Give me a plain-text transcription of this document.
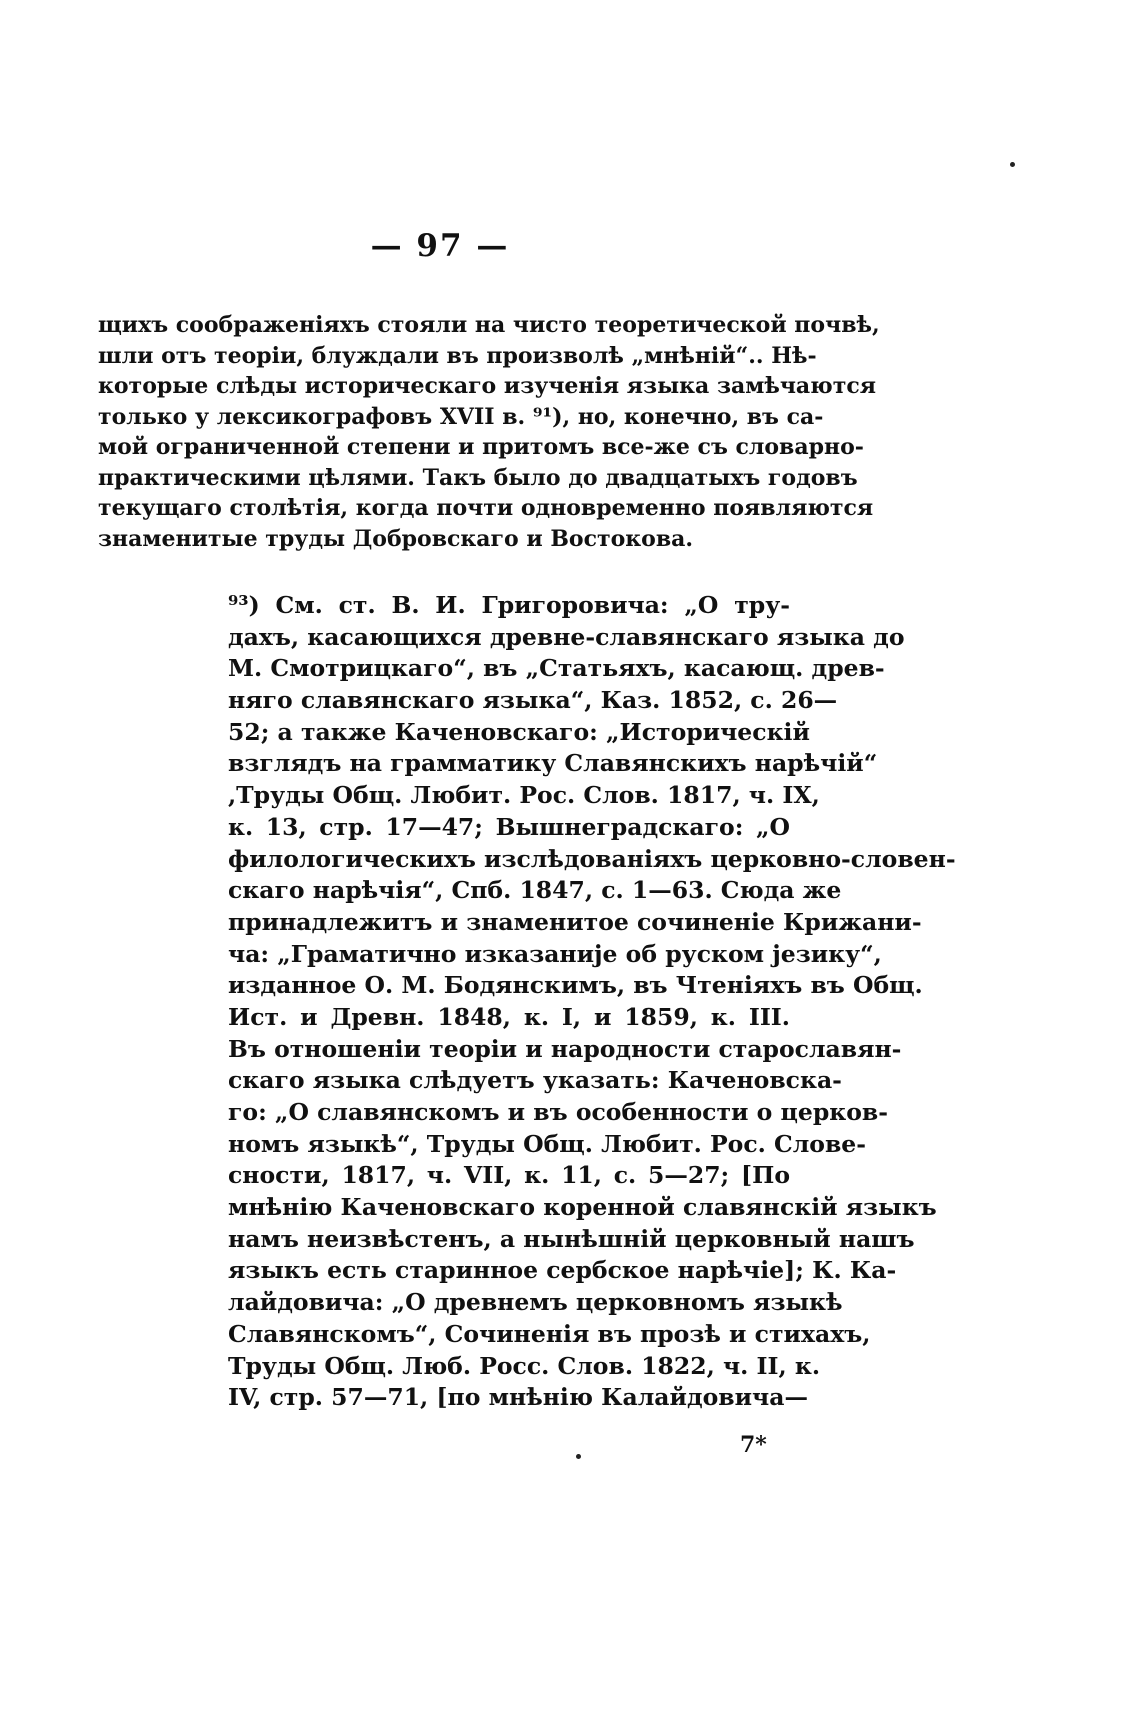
— 97 —
щихъ соображеніяхъ стояли на чисто теоретической почвѣ,
шли отъ теоріи, блуждали въ произволѣ „мнѣній“.. Нѣ-
которые слѣды историческаго изученія языка замѣчаются
только у лексикографовъ XVII в. ⁹¹), но, конечно, въ са-
мой ограниченной степени и притомъ все-же съ словарно-
практическими цѣлями. Такъ было до двадцатыхъ годовъ
текущаго столѣтія, когда почти одновременно появляются
знаменитые труды Добровскаго и Востокова.
⁹³) См. ст. В. И. Григоровича: „О тру-
дахъ, касающихся древне-славянскаго языка до
М. Смотрицкаго“, въ „Статьяхъ, касающ. древ-
няго славянскаго языка“, Каз. 1852, с. 26—
52; а также Каченовскаго: „Историческій
взглядъ на грамматику Славянскихъ нарѣчій“
,Труды Общ. Любит. Рос. Слов. 1817, ч. IX,
к. 13, стр. 17—47; Вышнеградскаго: „О
филологическихъ изслѣдованіяхъ церковно-словен-
скаго нарѣчія“, Спб. 1847, с. 1—63. Сюда же
принадлежитъ и знаменитое сочиненіе Крижани-
ча: „Граматично изказаније об руском језику“,
изданное О. М. Бодянскимъ, въ Чтеніяхъ въ Общ.
Ист. и Древн. 1848, к. I, и 1859, к. III.
Въ отношеніи теоріи и народности старославян-
скаго языка слѣдуетъ указать: Каченовска-
го: „О славянскомъ и въ особенности о церков-
номъ языкѣ“, Труды Общ. Любит. Рос. Слове-
сности, 1817, ч. VII, к. 11, с. 5—27; [По
мнѣнію Каченовскаго коренной славянскій языкъ
намъ неизвѣстенъ, а нынѣшній церковный нашъ
языкъ есть старинное сербское нарѣчіе]; К. Ка-
лайдовича: „О древнемъ церковномъ языкѣ
Славянскомъ“, Сочиненія въ прозѣ и стихахъ,
Труды Общ. Люб. Росс. Слов. 1822, ч. II, к.
IV, стр. 57—71, [по мнѣнію Калайдовича—
7*
